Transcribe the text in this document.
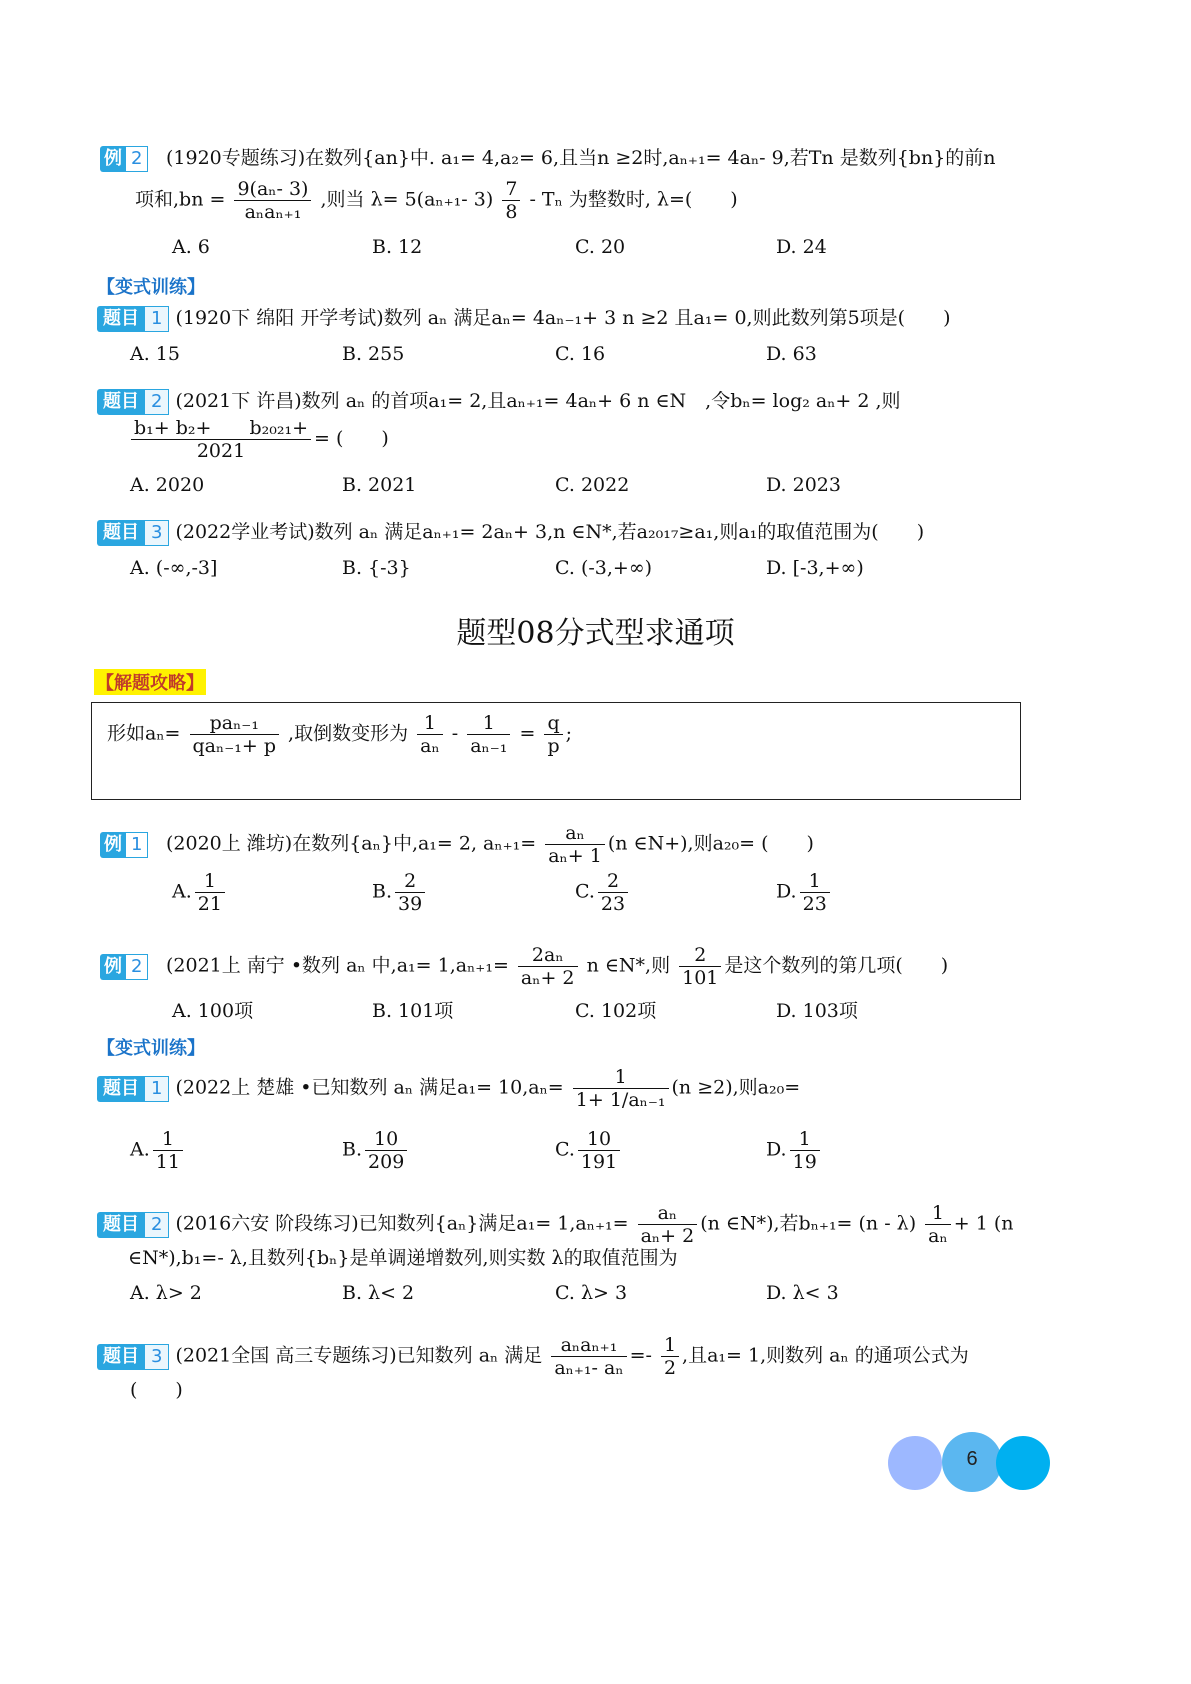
例 2 (1920专题练习)在数列{an}中. a₁= 4,a₂= 6,且当n ≥2时,aₙ₊₁= 4aₙ- 9,若Tn 是数列{bn}的前n
项和$,bn = \frac{\text{9(aₙ- 3)}}{\text{aₙaₙ₊₁}}$ ,则当 λ= 5(aₙ₊₁- $3) \frac{7}{8}$ - Tₙ 为整数时, λ=(　　)
A. 6	B. 12	C. 20	D. 24
【变式训练】
题目 1 (1920下 绵阳 开学考试)数列 aₙ 满足aₙ= 4aₙ₋₁+ 3 n ≥2 且a₁= 0,则此数列第5项是(　　)
A. 15	B. 255	C. 16	D. 63
题目 2 (2021下 许昌)数列 aₙ 的首项a₁= 2,且aₙ₊₁= 4aₙ+ 6 n ∈N　,令bₙ= log₂ aₙ+ 2 ,则
$\frac{\text{b₁+ b₂+　　b₂₀₂₁+}}{2021}$ = (　　)
A. 2020	B. 2021	C. 2022	D. 2023
题目 3 (2022学业考试)数列 aₙ 满足aₙ₊₁= 2aₙ+ 3,n ∈N*,若a₂₀₁₇≥a₁,则a₁的取值范围为(　　)
A. (-∞,-3]	B. {-3}	C. (-3,+∞)	D. [-3,+∞)
题型08分式型求通项
【解题攻略】
形如$a_n= \frac{\text{paₙ₋₁}}{\text{qaₙ₋₁+ p}}$ ,取倒数变形为 $\frac{1}{\text{aₙ}} - \frac{1}{\text{aₙ₋₁}} = \frac{q}{p}$ ;
例 1 (2020上 潍坊)在数列{aₙ}中,a₁= 2, $a_{n+1}= \frac{\text{aₙ}}{\text{aₙ+ 1}} (n$ ∈N+),则a₂₀= (　　)
A. $\frac{1}{21}$	B. $\frac{2}{39}$	C. $\frac{2}{23}$	D. $\frac{1}{23}$
例 2 (2021上 南宁 •数列 aₙ 中$,a_1= 1,a_{n+1}= \frac{\text{2aₙ}}{\text{aₙ+ 2}}$ n ∈N*,则 $\frac{2}{101}$ 是这个数列的第几项(　　)
A. 100项	B. 101项	C. 102项	D. 103项
【变式训练】
题目 1 (2022上 楚雄 •已知数列 aₙ 满足$a_1= 10,a_n= \frac{1}{\text{1+ 1/aₙ₋₁}} (n \ge 2)$,则a₂₀=
A. $\frac{1}{11}$	B. $\frac{10}{209}$	C. $\frac{10}{191}$	D. $\frac{1}{19}$
题目 2 (2016六安 阶段练习)已知数列{aₙ}满足$a_1= 1,a_{n+1}= \frac{\text{aₙ}}{\text{aₙ+ 2}} (n$ ∈N*),若$b_{n+1}= (n - \lambda) \frac{1}{\text{aₙ}} + 1$ (n
∈N*),b₁=- λ,且数列{bₙ}是单调递增数列,则实数 λ的取值范围为
A. λ> 2	B. λ< 2	C. λ> 3	D. λ< 3
题目 3 (2021全国 高三专题练习)已知数列 aₙ 满足 $\frac{\text{aₙaₙ₊₁}}{\text{aₙ₊₁- aₙ}} =- \frac{1}{2}$ ,且a₁= 1,则数列 aₙ 的通项公式为
(　　)
6
